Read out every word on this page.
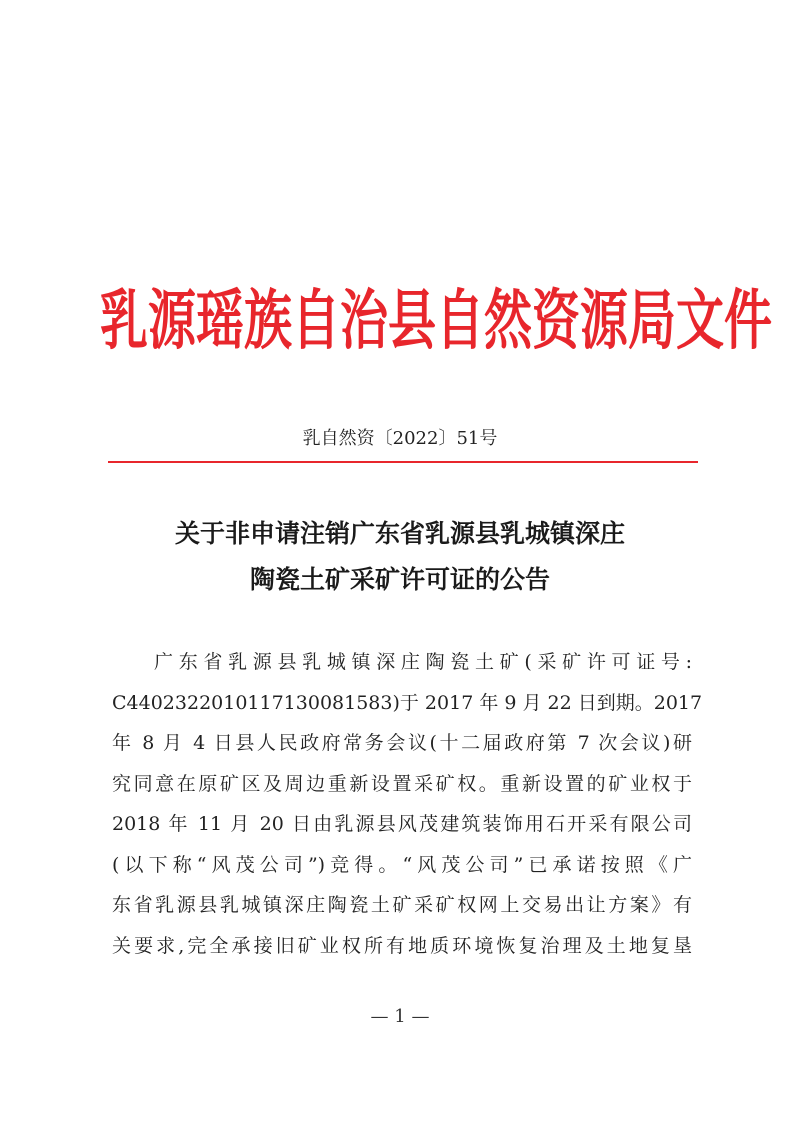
乳源瑶族自治县自然资源局文件
乳自然资〔2022〕51号
关于非申请注销广东省乳源县乳城镇深庄
陶瓷土矿采矿许可证的公告
广东省乳源县乳城镇深庄陶瓷土矿(采矿许可证号:
C4402322010117130081583)于 2017 年 9 月 22 日到期。2017
年 8 月 4 日县人民政府常务会议(十二届政府第 7 次会议)研
究同意在原矿区及周边重新设置采矿权。重新设置的矿业权于
2018 年 11 月 20 日由乳源县风茂建筑装饰用石开采有限公司
(以下称“风茂公司”)竞得。“风茂公司”已承诺按照《广
东省乳源县乳城镇深庄陶瓷土矿采矿权网上交易出让方案》有
关要求,完全承接旧矿业权所有地质环境恢复治理及土地复垦
— 1 —
